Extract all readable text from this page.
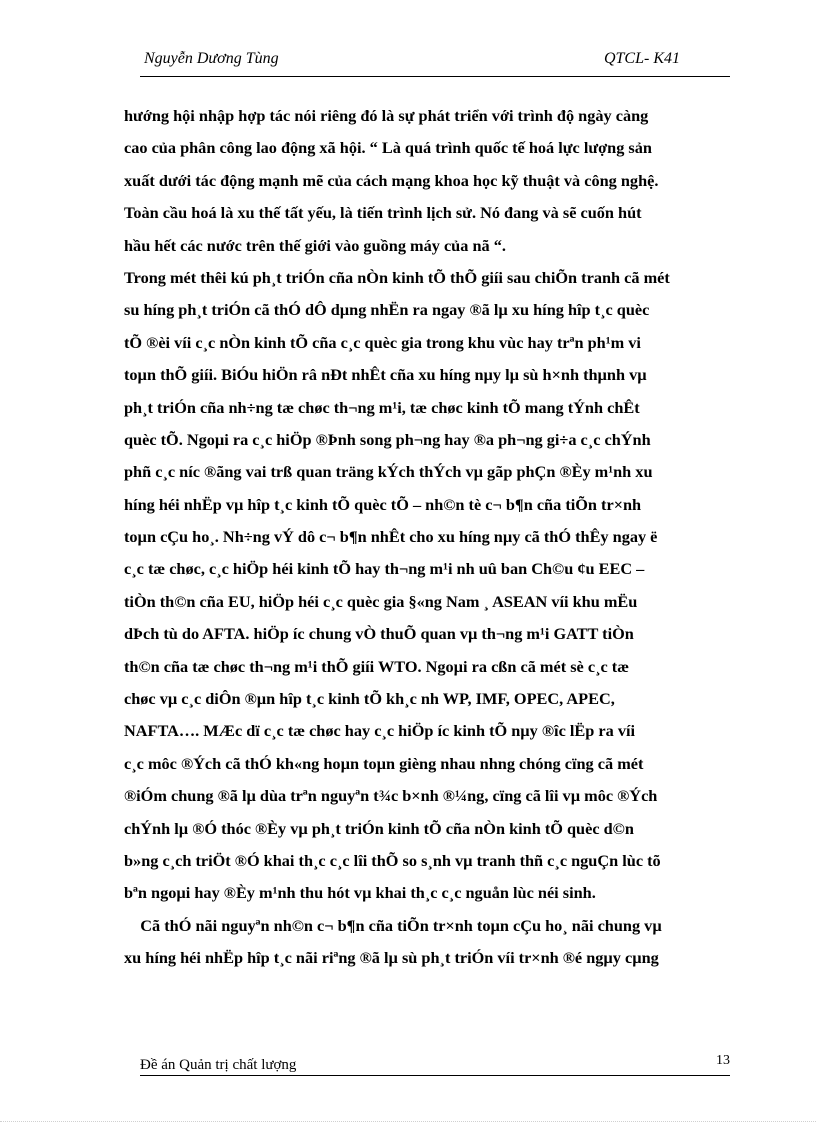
Nguyễn Dương Tùng	QTCL- K41
hướng hội nhập hợp tác nói riêng đó là sự phát triển với trình độ ngày càng
cao của phân công lao động xã hội. “ Là quá trình quốc tế hoá lực lượng sản
xuất dưới tác động mạnh mẽ của cách mạng khoa học kỹ thuật và công nghệ.
Toàn cầu hoá là xu thế tất yếu, là tiến trình lịch sử. Nó đang và sẽ cuốn hút
hầu hết các nước trên thế giới vào guồng máy của nã “.
Trong mét thêi kú ph¸t triÓn cña nÒn kinh tÕ thÕ giíi sau chiÕn tranh cã mét
su híng ph¸t triÓn cã thÓ dÔ dµng nhËn ra ngay ®ã lµ xu híng hîp t¸c quèc
tÕ ®èi víi c¸c nÒn kinh tÕ cña c¸c quèc gia trong khu vùc hay trªn ph¹m vi
toµn thÕ giíi. BiÓu hiÖn râ nÐt nhÊt cña xu híng nµy lµ sù h×nh thµnh vµ
ph¸t triÓn cña nh÷ng tæ chøc th¬ng m¹i, tæ chøc kinh tÕ mang tÝnh chÊt
quèc tÕ. Ngoµi ra c¸c hiÖp ®Þnh song ph¬ng hay ®a ph¬ng gi÷a c¸c chÝnh
phñ c¸c níc ®ãng vai trß quan träng kÝch thÝch vµ gãp phÇn ®Èy m¹nh xu
híng héi nhËp vµ hîp t¸c kinh tÕ quèc tÕ – nh©n tè c¬ b¶n cña tiÕn tr×nh
toµn cÇu ho¸. Nh÷ng vÝ dô c¬ b¶n nhÊt cho xu híng nµy cã thÓ thÊy ngay ë
c¸c tæ chøc, c¸c hiÖp héi kinh tÕ hay th¬ng m¹i nh uû ban Ch©u ¢u EEC –
tiÒn th©n cña EU, hiÖp héi c¸c quèc gia §«ng Nam ¸ ASEAN víi khu mËu
dÞch tù do AFTA. hiÖp íc chung vÒ thuÕ quan vµ th¬ng m¹i GATT tiÒn
th©n cña tæ chøc th¬ng m¹i thÕ giíi WTO. Ngoµi ra cßn cã mét sè c¸c tæ
chøc vµ c¸c diÔn ®µn hîp t¸c kinh tÕ kh¸c nh WP, IMF, OPEC, APEC,
NAFTA…. MÆc dï c¸c tæ chøc hay c¸c hiÖp íc kinh tÕ nµy ®îc lËp ra víi
c¸c môc ®Ých cã thÓ kh«ng hoµn toµn gièng nhau nhng chóng cïng cã mét
®iÓm chung ®ã lµ dùa trªn nguyªn t¾c b×nh ®¼ng, cïng cã lîi vµ môc ®Ých
chÝnh lµ ®Ó thóc ®Èy vµ ph¸t triÓn kinh tÕ cña nÒn kinh tÕ quèc d©n
b»ng c¸ch triÖt ®Ó khai th¸c c¸c lîi thÕ so s¸nh vµ tranh thñ c¸c nguÇn lùc tõ
bªn ngoµi hay ®Èy m¹nh thu hót vµ khai th¸c c¸c nguån lùc néi sinh.
Cã thÓ nãi nguyªn nh©n c¬ b¶n cña tiÕn tr×nh toµn cÇu ho¸ nãi chung vµ
xu híng héi nhËp hîp t¸c nãi riªng ®ã lµ sù ph¸t triÓn víi tr×nh ®é ngµy cµng
Đề án Quản trị chất lượng	13
